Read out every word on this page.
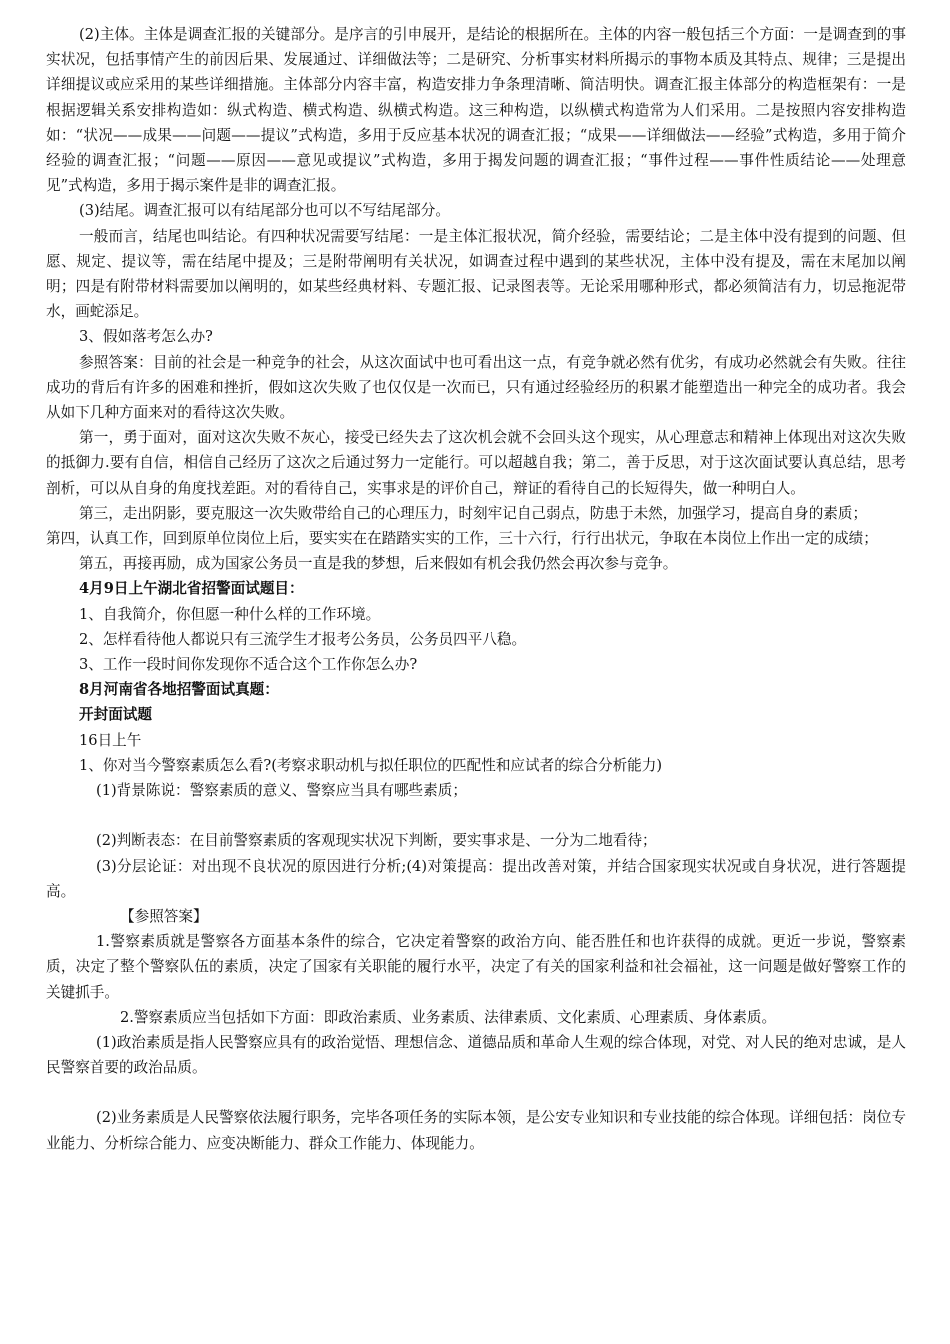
(2)主体。主体是调查汇报的关键部分。是序言的引申展开，是结论的根据所在。主体的内容一般包括三个方面：一是调查到的事实状况，包括事情产生的前因后果、发展通过、详细做法等；二是研究、分析事实材料所揭示的事物本质及其特点、规律；三是提出详细提议或应采用的某些详细措施。主体部分内容丰富，构造安排力争条理清晰、简洁明快。调查汇报主体部分的构造框架有：一是根据逻辑关系安排构造如：纵式构造、横式构造、纵横式构造。这三种构造，以纵横式构造常为人们采用。二是按照内容安排构造如：“状况——成果——问题——提议”式构造，多用于反应基本状况的调查汇报；“成果——详细做法——经验”式构造，多用于简介经验的调查汇报；“问题——原因——意见或提议”式构造，多用于揭发问题的调查汇报；“事件过程——事件性质结论——处理意见”式构造，多用于揭示案件是非的调查汇报。

(3)结尾。调查汇报可以有结尾部分也可以不写结尾部分。

一般而言，结尾也叫结论。有四种状况需要写结尾：一是主体汇报状况，简介经验，需要结论；二是主体中没有提到的问题、但愿、规定、提议等，需在结尾中提及；三是附带阐明有关状况，如调查过程中遇到的某些状况，主体中没有提及，需在末尾加以阐明；四是有附带材料需要加以阐明的，如某些经典材料、专题汇报、记录图表等。无论采用哪种形式，都必须简洁有力，切忌拖泥带水，画蛇添足。

3、假如落考怎么办?

参照答案：目前的社会是一种竞争的社会，从这次面试中也可看出这一点，有竞争就必然有优劣，有成功必然就会有失败。往往成功的背后有许多的困难和挫折，假如这次失败了也仅仅是一次而已，只有通过经验经历的积累才能塑造出一种完全的成功者。我会从如下几种方面来对的看待这次失败。

第一，勇于面对，面对这次失败不灰心，接受已经失去了这次机会就不会回头这个现实，从心理意志和精神上体现出对这次失败的抵御力.要有自信，相信自己经历了这次之后通过努力一定能行。可以超越自我；第二，善于反思，对于这次面试要认真总结，思考剖析，可以从自身的角度找差距。对的看待自己，实事求是的评价自己，辩证的看待自己的长短得失，做一种明白人。

第三，走出阴影，要克服这一次失败带给自己的心理压力，时刻牢记自己弱点，防患于未然，加强学习，提高自身的素质；

第四，认真工作，回到原单位岗位上后，要实实在在踏踏实实的工作，三十六行，行行出状元，争取在本岗位上作出一定的成绩；

第五，再接再励，成为国家公务员一直是我的梦想，后来假如有机会我仍然会再次参与竞争。

4月9日上午湖北省招警面试题目：

1、自我简介，你但愿一种什么样的工作环境。

2、怎样看待他人都说只有三流学生才报考公务员，公务员四平八稳。

3、工作一段时间你发现你不适合这个工作你怎么办?

8月河南省各地招警面试真题：

开封面试题

16日上午

1、你对当今警察素质怎么看?(考察求职动机与拟任职位的匹配性和应试者的综合分析能力)

(1)背景陈说：警察素质的意义、警察应当具有哪些素质；

(2)判断表态：在目前警察素质的客观现实状况下判断，要实事求是、一分为二地看待；

(3)分层论证：对出现不良状况的原因进行分析;(4)对策提高：提出改善对策，并结合国家现实状况或自身状况，进行答题提高。

【参照答案】

1.警察素质就是警察各方面基本条件的综合，它决定着警察的政治方向、能否胜任和也许获得的成就。更近一步说，警察素质，决定了整个警察队伍的素质，决定了国家有关职能的履行水平，决定了有关的国家利益和社会福祉，这一问题是做好警察工作的关键抓手。

2.警察素质应当包括如下方面：即政治素质、业务素质、法律素质、文化素质、心理素质、身体素质。

(1)政治素质是指人民警察应具有的政治觉悟、理想信念、道德品质和革命人生观的综合体现，对党、对人民的绝对忠诚，是人民警察首要的政治品质。

(2)业务素质是人民警察依法履行职务，完毕各项任务的实际本领，是公安专业知识和专业技能的综合体现。详细包括：岗位专业能力、分析综合能力、应变决断能力、群众工作能力、体现能力。
